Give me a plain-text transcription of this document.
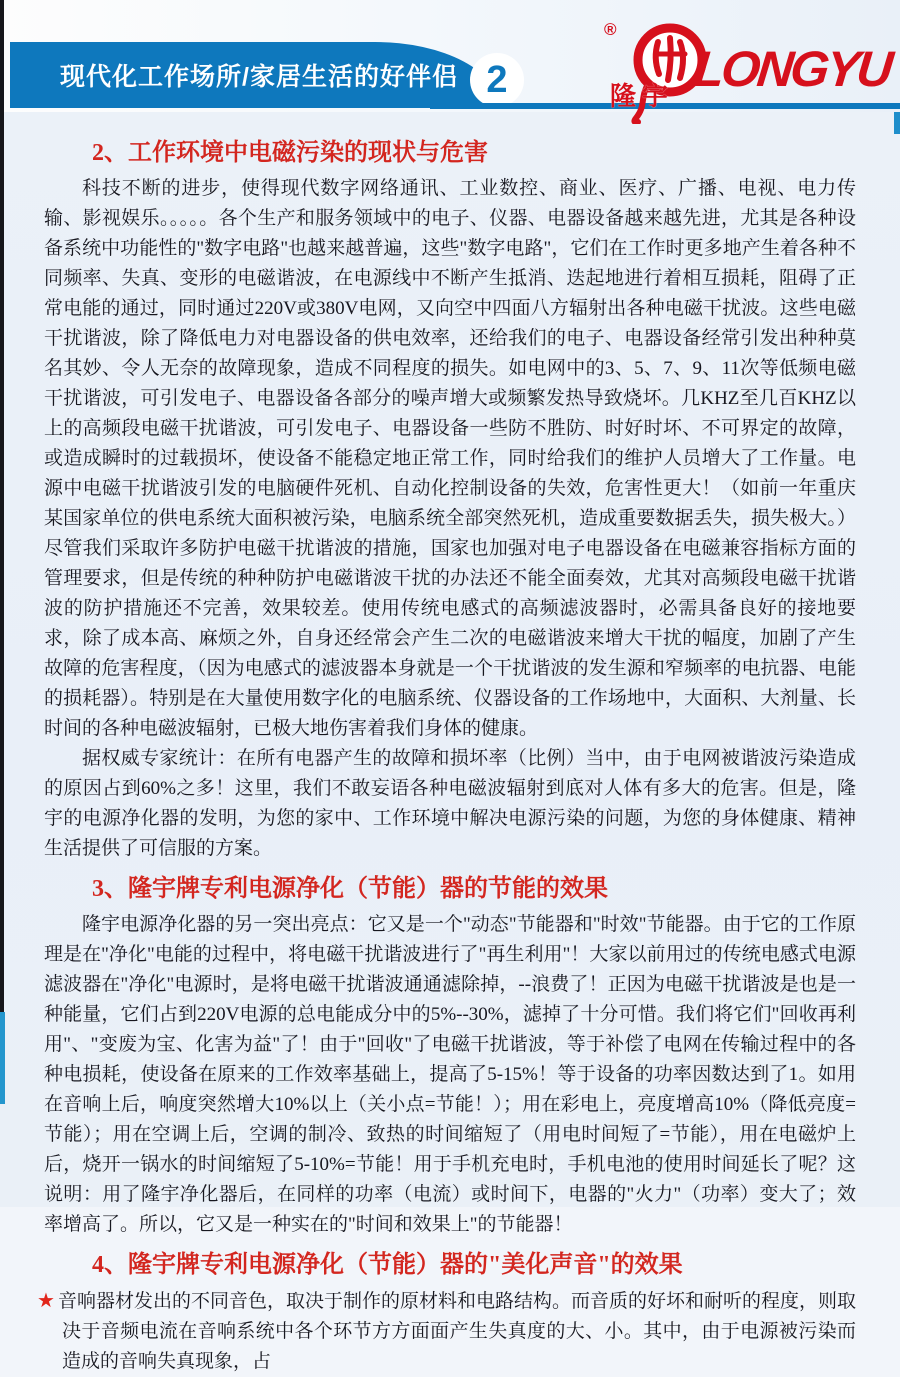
现代化工作场所/家居生活的好伴侣 2
®
隆宇 LONGYU
2、工作环境中电磁污染的现状与危害

科技不断的进步，使得现代数字网络通讯、工业数控、商业、医疗、广播、电视、电力传输、影视娱乐。。。。。各个生产和服务领域中的电子、仪器、电器设备越来越先进，尤其是各种设备系统中功能性的"数字电路"也越来越普遍，这些"数字电路"，它们在工作时更多地产生着各种不同频率、失真、变形的电磁谐波，在电源线中不断产生抵消、迭起地进行着相互损耗，阻碍了正常电能的通过，同时通过220V或380V电网，又向空中四面八方辐射出各种电磁干扰波。这些电磁干扰谐波，除了降低电力对电器设备的供电效率，还给我们的电子、电器设备经常引发出种种莫名其妙、令人无奈的故障现象，造成不同程度的损失。如电网中的3、5、7、9、11次等低频电磁干扰谐波，可引发电子、电器设备各部分的噪声增大或频繁发热导致烧坏。几KHZ至几百KHZ以上的高频段电磁干扰谐波，可引发电子、电器设备一些防不胜防、时好时坏、不可界定的故障，或造成瞬时的过载损坏，使设备不能稳定地正常工作，同时给我们的维护人员增大了工作量。电源中电磁干扰谐波引发的电脑硬件死机、自动化控制设备的失效，危害性更大！（如前一年重庆某国家单位的供电系统大面积被污染，电脑系统全部突然死机，造成重要数据丢失，损失极大。）尽管我们采取许多防护电磁干扰谐波的措施，国家也加强对电子电器设备在电磁兼容指标方面的管理要求，但是传统的种种防护电磁谐波干扰的办法还不能全面奏效，尤其对高频段电磁干扰谐波的防护措施还不完善，效果较差。使用传统电感式的高频滤波器时，必需具备良好的接地要求，除了成本高、麻烦之外，自身还经常会产生二次的电磁谐波来增大干扰的幅度，加剧了产生故障的危害程度，（因为电感式的滤波器本身就是一个干扰谐波的发生源和窄频率的电抗器、电能的损耗器）。特别是在大量使用数字化的电脑系统、仪器设备的工作场地中，大面积、大剂量、长时间的各种电磁波辐射，已极大地伤害着我们身体的健康。

据权威专家统计：在所有电器产生的故障和损坏率（比例）当中，由于电网被谐波污染造成的原因占到60%之多！这里，我们不敢妄语各种电磁波辐射到底对人体有多大的危害。但是，隆宇的电源净化器的发明，为您的家中、工作环境中解决电源污染的问题，为您的身体健康、精神生活提供了可信服的方案。

3、隆宇牌专利电源净化（节能）器的节能的效果

隆宇电源净化器的另一突出亮点：它又是一个"动态"节能器和"时效"节能器。由于它的工作原理是在"净化"电能的过程中，将电磁干扰谐波进行了"再生利用"！大家以前用过的传统电感式电源滤波器在"净化"电源时，是将电磁干扰谐波通通滤除掉，--浪费了！正因为电磁干扰谐波是也是一种能量，它们占到220V电源的总电能成分中的5%--30%，滤掉了十分可惜。我们将它们"回收再利用"、"变废为宝、化害为益"了！由于"回收"了电磁干扰谐波，等于补偿了电网在传输过程中的各种电损耗，使设备在原来的工作效率基础上，提高了5-15%！等于设备的功率因数达到了1。如用在音响上后，响度突然增大10%以上（关小点=节能！）；用在彩电上，亮度增高10%（降低亮度=节能）；用在空调上后，空调的制冷、致热的时间缩短了（用电时间短了=节能），用在电磁炉上后，烧开一锅水的时间缩短了5-10%=节能！用于手机充电时，手机电池的使用时间延长了呢？这说明：用了隆宇净化器后，在同样的功率（电流）或时间下，电器的"火力"（功率）变大了；效率增高了。所以，它又是一种实在的"时间和效果上"的节能器！

4、隆宇牌专利电源净化（节能）器的"美化声音"的效果

★ 音响器材发出的不同音色，取决于制作的原材料和电路结构。而音质的好坏和耐听的程度，则取决于音频电流在音响系统中各个环节方方面面产生失真度的大、小。其中，由于电源被污染而造成的音响失真现象，占
